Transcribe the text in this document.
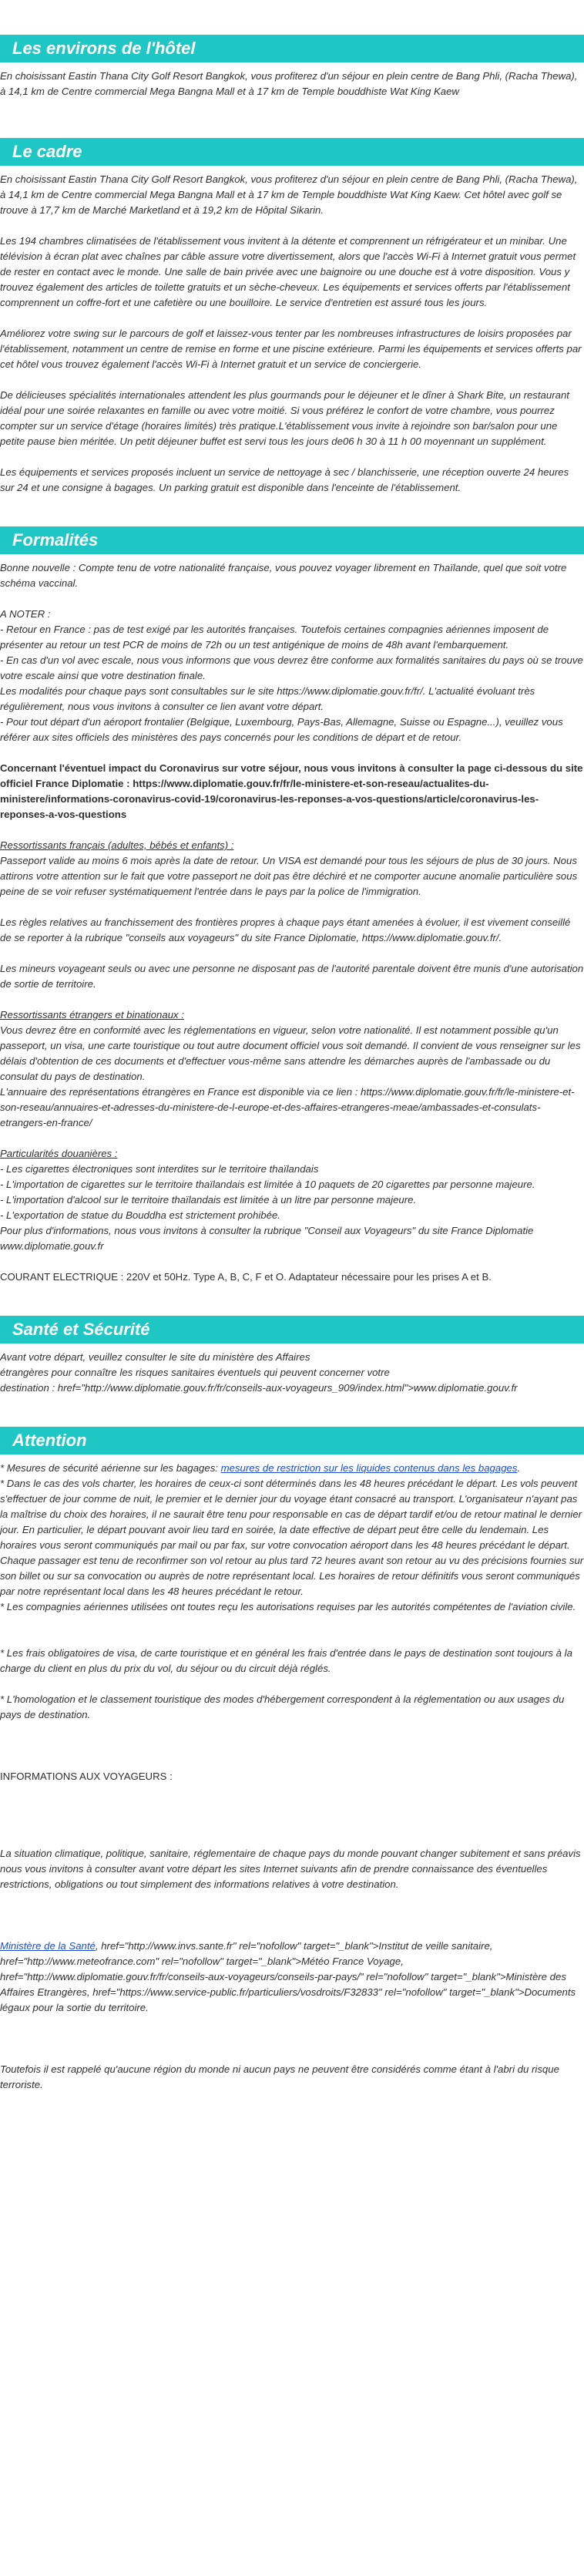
Les environs de l'hôtel

En choisissant Eastin Thana City Golf Resort Bangkok, vous profiterez d'un séjour en plein centre de Bang Phli, (Racha Thewa), à 14,1 km de Centre commercial Mega Bangna Mall et à 17 km de Temple bouddhiste Wat King Kaew

Le cadre

En choisissant Eastin Thana City Golf Resort Bangkok, vous profiterez d'un séjour en plein centre de Bang Phli, (Racha Thewa), à 14,1 km de Centre commercial Mega Bangna Mall et à 17 km de Temple bouddhiste Wat King Kaew. Cet hôtel avec golf se trouve à 17,7 km de Marché Marketland et à 19,2 km de Hôpital Sikarin.

Les 194 chambres climatisées de l'établissement vous invitent à la détente et comprennent un réfrigérateur et un minibar. Une télévision à écran plat avec chaînes par câble assure votre divertissement, alors que l'accès Wi-Fi à Internet gratuit vous permet de rester en contact avec le monde. Une salle de bain privée avec une baignoire ou une douche est à votre disposition. Vous y trouvez également des articles de toilette gratuits et un sèche-cheveux. Les équipements et services offerts par l'établissement comprennent un coffre-fort et une cafetière ou une bouilloire. Le service d'entretien est assuré tous les jours.

Améliorez votre swing sur le parcours de golf et laissez-vous tenter par les nombreuses infrastructures de loisirs proposées par l'établissement, notamment un centre de remise en forme et une piscine extérieure. Parmi les équipements et services offerts par cet hôtel vous trouvez également l'accès Wi-Fi à Internet gratuit et un service de conciergerie.

De délicieuses spécialités internationales attendent les plus gourmands pour le déjeuner et le dîner à Shark Bite, un restaurant idéal pour une soirée relaxantes en famille ou avec votre moitié. Si vous préférez le confort de votre chambre, vous pourrez compter sur un service d'étage (horaires limités) très pratique.L'établissement vous invite à rejoindre son bar/salon pour une petite pause bien méritée. Un petit déjeuner buffet est servi tous les jours de06 h 30 à 11 h 00 moyennant un supplément.

Les équipements et services proposés incluent un service de nettoyage à sec / blanchisserie, une réception ouverte 24 heures sur 24 et une consigne à bagages. Un parking gratuit est disponible dans l'enceinte de l'établissement.

Formalités

Bonne nouvelle : Compte tenu de votre nationalité française, vous pouvez voyager librement en Thaïlande, quel que soit votre schéma vaccinal.

A NOTER :

- Retour en France : pas de test exigé par les autorités françaises. Toutefois certaines compagnies aériennes imposent de présenter au retour un test PCR de moins de 72h ou un test antigénique de moins de 48h avant l'embarquement.

- En cas d'un vol avec escale, nous vous informons que vous devrez être conforme aux formalités sanitaires du pays où se trouve votre escale ainsi que votre destination finale.

Les modalités pour chaque pays sont consultables sur le site https://www.diplomatie.gouv.fr/fr/. L'actualité évoluant très régulièrement, nous vous invitons à consulter ce lien avant votre départ.

- Pour tout départ d'un aéroport frontalier (Belgique, Luxembourg, Pays-Bas, Allemagne, Suisse ou Espagne...), veuillez vous référer aux sites officiels des ministères des pays concernés pour les conditions de départ et de retour.

Concernant l'éventuel impact du Coronavirus sur votre séjour, nous vous invitons à consulter la page ci-dessous du site officiel France Diplomatie : https://www.diplomatie.gouv.fr/fr/le-ministere-et-son-reseau/actualites-du-ministere/informations-coronavirus-covid-19/coronavirus-les-reponses-a-vos-questions/article/coronavirus-les-reponses-a-vos-questions

Ressortissants français (adultes, bébés et enfants) :

Passeport valide au moins 6 mois après la date de retour. Un VISA est demandé pour tous les séjours de plus de 30 jours. Nous attirons votre attention sur le fait que votre passeport ne doit pas être déchiré et ne comporter aucune anomalie particulière sous peine de se voir refuser systématiquement l'entrée dans le pays par la police de l'immigration.

Les règles relatives au franchissement des frontières propres à chaque pays étant amenées à évoluer, il est vivement conseillé de se reporter à la rubrique "conseils aux voyageurs" du site France Diplomatie, https://www.diplomatie.gouv.fr/.

Les mineurs voyageant seuls ou avec une personne ne disposant pas de l'autorité parentale doivent être munis d'une autorisation de sortie de territoire.

Ressortissants étrangers et binationaux :

Vous devrez être en conformité avec les réglementations en vigueur, selon votre nationalité. Il est notamment possible qu'un passeport, un visa, une carte touristique ou tout autre document officiel vous soit demandé. Il convient de vous renseigner sur les délais d'obtention de ces documents et d'effectuer vous-même sans attendre les démarches auprès de l'ambassade ou du consulat du pays de destination.

L'annuaire des représentations étrangères en France est disponible via ce lien : https://www.diplomatie.gouv.fr/fr/le-ministere-et-son-reseau/annuaires-et-adresses-du-ministere-de-l-europe-et-des-affaires-etrangeres-meae/ambassades-et-consulats-etrangers-en-france/

Particularités douanières :

- Les cigarettes électroniques sont interdites sur le territoire thaïlandais

- L'importation de cigarettes sur le territoire thaïlandais est limitée à 10 paquets de 20 cigarettes par personne majeure.

- L'importation d'alcool sur le territoire thaïlandais est limitée à un litre par personne majeure.

- L'exportation de statue du Bouddha est strictement prohibée.

Pour plus d'informations, nous vous invitons à consulter la rubrique "Conseil aux Voyageurs" du site France Diplomatie www.diplomatie.gouv.fr

COURANT ELECTRIQUE : 220V et 50Hz. Type A, B, C, F et O. Adaptateur nécessaire pour les prises A et B.

Santé et Sécurité

Avant votre départ, veuillez consulter le site du ministère des Affaires

étrangères pour connaître les risques sanitaires éventuels qui peuvent concerner votre

destination : href="http://www.diplomatie.gouv.fr/fr/conseils-aux-voyageurs_909/index.html">www.diplomatie.gouv.fr

Attention

* Mesures de sécurité aérienne sur les bagages: mesures de restriction sur les liquides contenus dans les bagages.

* Dans le cas des vols charter, les horaires de ceux-ci sont déterminés dans les 48 heures précédant le départ. Les vols peuvent s'effectuer de jour comme de nuit, le premier et le dernier jour du voyage étant consacré au transport. L'organisateur n'ayant pas la maîtrise du choix des horaires, il ne saurait être tenu pour responsable en cas de départ tardif et/ou de retour matinal le dernier jour. En particulier, le départ pouvant avoir lieu tard en soirée, la date effective de départ peut être celle du lendemain. Les horaires vous seront communiqués par mail ou par fax, sur votre convocation aéroport dans les 48 heures précédant le départ. Chaque passager est tenu de reconfirmer son vol retour au plus tard 72 heures avant son retour au vu des précisions fournies sur son billet ou sur sa convocation ou auprès de notre représentant local. Les horaires de retour définitifs vous seront communiqués par notre représentant local dans les 48 heures précédant le retour.

* Les compagnies aériennes utilisées ont toutes reçu les autorisations requises par les autorités compétentes de l'aviation civile.

* Les frais obligatoires de visa, de carte touristique et en général les frais d'entrée dans le pays de destination sont toujours à la charge du client en plus du prix du vol, du séjour ou du circuit déjà réglés.

* L'homologation et le classement touristique des modes d'hébergement correspondent à la réglementation ou aux usages du pays de destination.

INFORMATIONS AUX VOYAGEURS :

La situation climatique, politique, sanitaire, réglementaire de chaque pays du monde pouvant changer subitement et sans préavis

nous vous invitons à consulter avant votre départ les sites Internet suivants afin de prendre connaissance des éventuelles restrictions, obligations ou tout simplement des informations relatives à votre destination.

Ministère de la Santé, href="http://www.invs.sante.fr" rel="nofollow" target="_blank">Institut de veille sanitaire, href="http://www.meteofrance.com" rel="nofollow" target="_blank">Météo France Voyage, href="http://www.diplomatie.gouv.fr/fr/conseils-aux-voyageurs/conseils-par-pays/" rel="nofollow" target="_blank">Ministère des Affaires Etrangères, href="https://www.service-public.fr/particuliers/vosdroits/F32833" rel="nofollow" target="_blank">Documents légaux pour la sortie du territoire.

Toutefois il est rappelé qu'aucune région du monde ni aucun pays ne peuvent être considérés comme étant à l'abri du risque terroriste.
